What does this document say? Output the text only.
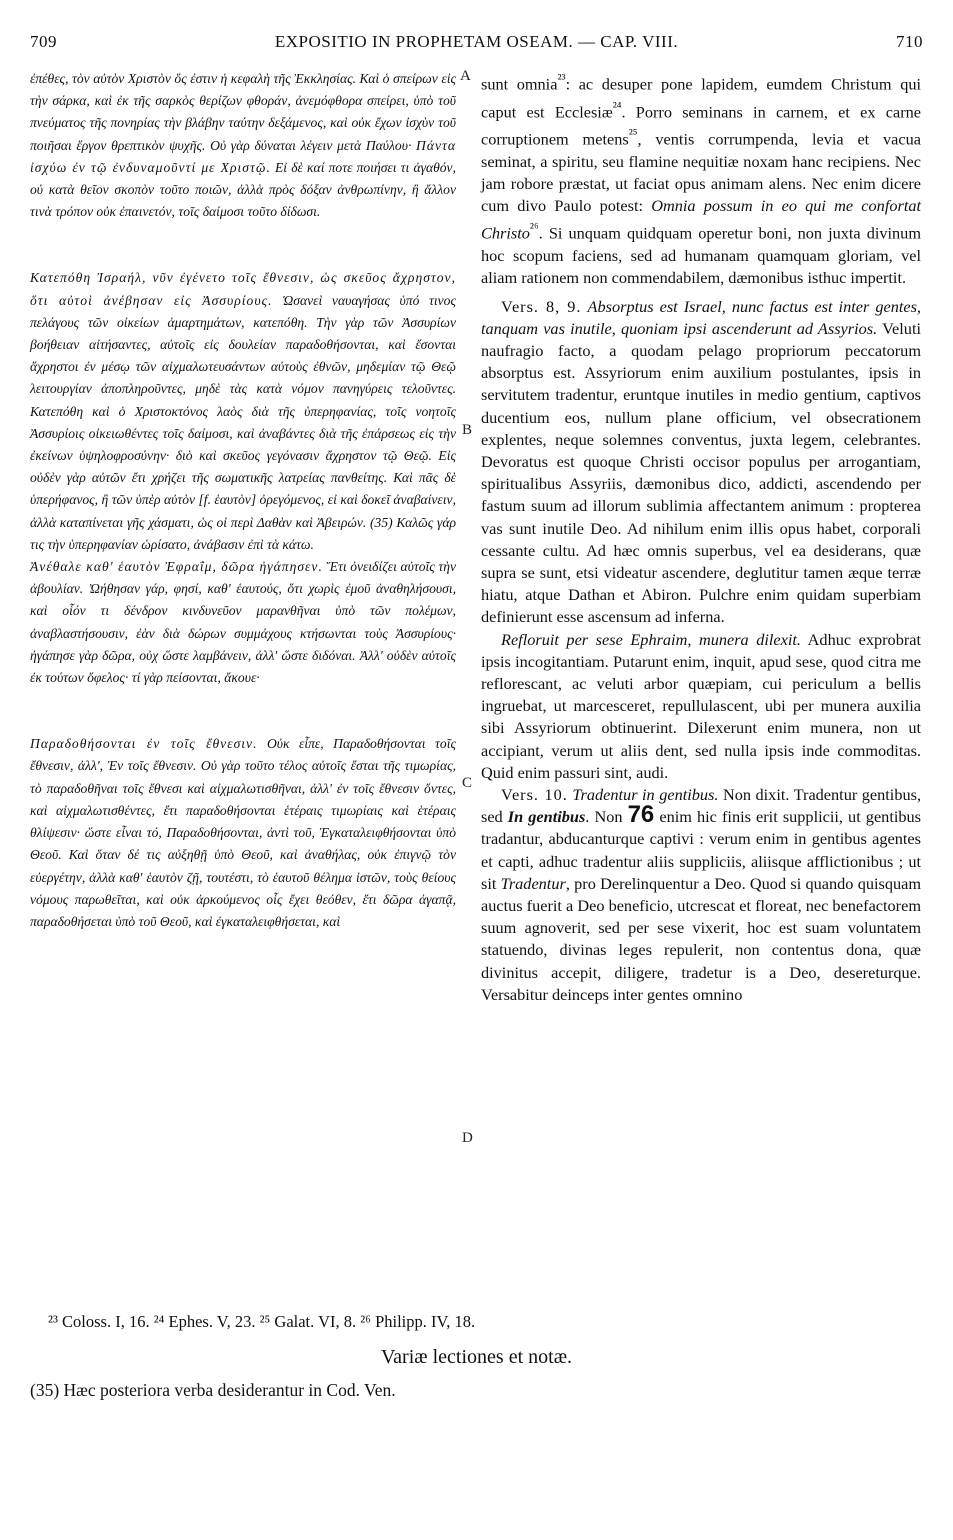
709	EXPOSITIO IN PROPHETAM OSEAM. — CAP. VIII.	710
A
B
C
D

ἐπέθες, τὸν αὐτὸν Χριστὸν ὅς ἐστιν ἡ κεφαλὴ τῆς Ἐκκλησίας. Καὶ ὁ σπείρων εἰς τὴν σάρκα, καὶ ἐκ τῆς σαρκὸς θερίζων φθοράν, ἀνεμόφθορα σπείρει, ὑπὸ τοῦ πνεύματος τῆς πονηρίας τὴν βλάβην ταύτην δεξάμενος, καὶ οὐκ ἔχων ἰσχὺν τοῦ ποιῆσαι ἔργον θρεπτικὸν ψυχῆς. Οὐ γὰρ δύναται λέγειν μετὰ Παύλου· Πάντα ἰσχύω ἐν τῷ ἐνδυναμοῦντί με Χριστῷ. Εἰ δὲ καί ποτε ποιήσει τι ἀγαθόν, οὐ κατὰ θεῖον σκοπὸν τοῦτο ποιῶν, ἀλλὰ πρὸς δόξαν ἀνθρωπίνην, ἢ ἄλλον τινὰ τρόπον οὐκ ἐπαινετόν, τοῖς δαίμοσι τοῦτο δίδωσι.

Κατεπόθη Ἰσραήλ, νῦν ἐγένετο τοῖς ἔθνεσιν, ὡς σκεῦος ἄχρηστον, ὅτι αὐτοὶ ἀνέβησαν εἰς Ἀσσυρίους. Ὡσανεὶ ναυαγήσας ὑπό τινος πελάγους τῶν οἰκείων ἁμαρτημάτων, κατεπόθη. Τὴν γὰρ τῶν Ἀσσυρίων βοήθειαν αἰτήσαντες, αὐτοῖς εἰς δουλείαν παραδοθήσονται, καὶ ἔσονται ἄχρηστοι ἐν μέσῳ τῶν αἰχμαλωτευσάντων αὐτοὺς ἐθνῶν, μηδεμίαν τῷ Θεῷ λειτουργίαν ἀποπληροῦντες, μηδὲ τὰς κατὰ νόμον πανηγύρεις τελοῦντες. Κατεπόθη καὶ ὁ Χριστοκτόνος λαὸς διὰ τῆς ὑπερηφανίας, τοῖς νοητοῖς Ἀσσυρίοις οἰκειωθέντες τοῖς δαίμοσι, καὶ ἀναβάντες διὰ τῆς ἐπάρσεως εἰς τὴν ἐκείνων ὑψηλοφροσύνην· διὸ καὶ σκεῦος γεγόνασιν ἄχρηστον τῷ Θεῷ. Εἰς οὐδὲν γὰρ αὐτῶν ἔτι χρήζει τῆς σωματικῆς λατρείας πανθείτης. Καὶ πᾶς δὲ ὑπερήφανος, ἢ τῶν ὑπὲρ αὐτὸν [f. ἑαυτὸν] ὀρεγόμενος, εἰ καὶ δοκεῖ ἀναβαίνειν, ἀλλὰ καταπίνεται γῆς χάσματι, ὡς οἱ περὶ Δαθὰν καὶ Ἀβειρών. (35) Καλῶς γάρ τις τὴν ὑπερηφανίαν ὡρίσατο, ἀνάβασιν ἐπὶ τὰ κάτω.

Ἀνέθαλε καθ' ἑαυτὸν Ἐφραΐμ, δῶρα ἠγάπησεν. Ἔτι ὀνειδίζει αὐτοῖς τὴν ἀβουλίαν. Ὠήθησαν γάρ, φησί, καθ' ἑαυτούς, ὅτι χωρὶς ἐμοῦ ἀναθηλήσουσι, καὶ οἷόν τι δένδρον κινδυνεῦον μαρανθῆναι ὑπὸ τῶν πολέμων, ἀναβλαστήσουσιν, ἐὰν διὰ δώρων συμμάχους κτήσωνται τοὺς Ἀσσυρίους· ἠγάπησε γὰρ δῶρα, οὐχ ὥστε λαμβάνειν, ἀλλ' ὥστε διδόναι. Ἀλλ' οὐδὲν αὐτοῖς ἐκ τούτων ὄφελος· τί γὰρ πείσονται, ἄκουε·

Παραδοθήσονται ἐν τοῖς ἔθνεσιν. Οὐκ εἶπε, Παραδοθήσονται τοῖς ἔθνεσιν, ἀλλ', Ἐν τοῖς ἔθνεσιν. Οὐ γὰρ τοῦτο τέλος αὐτοῖς ἔσται τῆς τιμωρίας, τὸ παραδοθῆναι τοῖς ἔθνεσι καὶ αἰχμαλωτισθῆναι, ἀλλ' ἐν τοῖς ἔθνεσιν ὄντες, καὶ αἰχμαλωτισθέντες, ἔτι παραδοθήσονται ἑτέραις τιμωρίαις καὶ ἑτέραις θλίψεσιν· ὥστε εἶναι τό, Παραδοθήσονται, ἀντὶ τοῦ, Ἐγκαταλειφθήσονται ὑπὸ Θεοῦ. Καὶ ὅταν δέ τις αὐξηθῇ ὑπὸ Θεοῦ, καὶ ἀναθήλας, οὐκ ἐπιγνῷ τὸν εὐεργέτην, ἀλλὰ καθ' ἑαυτὸν ζῇ, τουτέστι, τὸ ἑαυτοῦ θέλημα ἱστῶν, τοὺς θείους νόμους παρωθεῖται, καὶ οὐκ ἀρκούμενος οἷς ἔχει θεόθεν, ἔτι δῶρα ἀγαπᾷ, παραδοθήσεται ὑπὸ τοῦ Θεοῦ, καὶ ἐγκαταλειφθήσεται, καὶ

sunt omnia$^{^{23}}$: ac desuper pone lapidem, eumdem Christum qui caput est Ecclesiæ$^{^{24}}$. Porro seminans in carnem, et ex carne corruptionem metens$^{^{25}}$, ventis corrumpenda, levia et vacua seminat, a spiritu, seu flamine nequitiæ noxam hanc recipiens. Nec jam robore præstat, ut faciat opus animam alens. Nec enim dicere cum divo Paulo potest: Omnia possum in eo qui me confortat Christo$^{^{26}}$. Si unquam quidquam operetur boni, non juxta divinum hoc scopum faciens, sed ad humanam quamquam gloriam, vel aliam rationem non commendabilem, dæmonibus isthuc impertit.

Vers. 8, 9. Absorptus est Israel, nunc factus est inter gentes, tanquam vas inutile, quoniam ipsi ascenderunt ad Assyrios. Veluti naufragio facto, a quodam pelago propriorum peccatorum absorptus est. Assyriorum enim auxilium postulantes, ipsis in servitutem tradentur, eruntque inutiles in medio gentium, captivos ducentium eos, nullum plane officium, vel obsecrationem explentes, neque solemnes conventus, juxta legem, celebrantes. Devoratus est quoque Christi occisor populus per arrogantiam, spiritualibus Assyriis, dæmonibus dico, addicti, ascendendo per fastum suum ad illorum sublimia affectantem animum : propterea vas sunt inutile Deo. Ad nihilum enim illis opus habet, corporali cessante cultu. Ad hæc omnis superbus, vel ea desiderans, quæ supra se sunt, etsi videatur ascendere, deglutitur tamen æque terræ hiatu, atque Dathan et Abiron. Pulchre enim quidam superbiam definierunt esse ascensum ad inferna.

Refloruit per sese Ephraim, munera dilexit. Adhuc exprobrat ipsis incogitantiam. Putarunt enim, inquit, apud sese, quod citra me reflorescant, ac veluti arbor quæpiam, cui periculum a bellis ingruebat, ut marcesceret, repullulascent, ubi per munera auxilia sibi Assyriorum obtinuerint. Dilexerunt enim munera, non ut accipiant, verum ut aliis dent, sed nulla ipsis inde commoditas. Quid enim passuri sint, audi.

Vers. 10. Tradentur in gentibus. Non dixit. Tradentur gentibus, sed In gentibus. Non 76 enim hic finis erit supplicii, ut gentibus tradantur, abducanturque captivi : verum enim in gentibus agentes et capti, adhuc tradentur aliis suppliciis, aliisque afflictionibus ; ut sit Tradentur, pro Derelinquentur a Deo. Quod si quando quisquam auctus fuerit a Deo beneficio, utcrescat et floreat, nec benefactorem suum agnoverit, sed per sese vixerit, hoc est suam voluntatem statuendo, divinas leges repulerit, non contentus dona, quæ divinitus accepit, diligere, tradetur is a Deo, desereturque. Versabitur deinceps inter gentes omnino

²³ Coloss. I, 16. ²⁴ Ephes. V, 23. ²⁵ Galat. VI, 8. ²⁶ Philipp. IV, 18.
Variæ lectiones et notæ.
(35) Hæc posteriora verba desiderantur in Cod. Ven.
